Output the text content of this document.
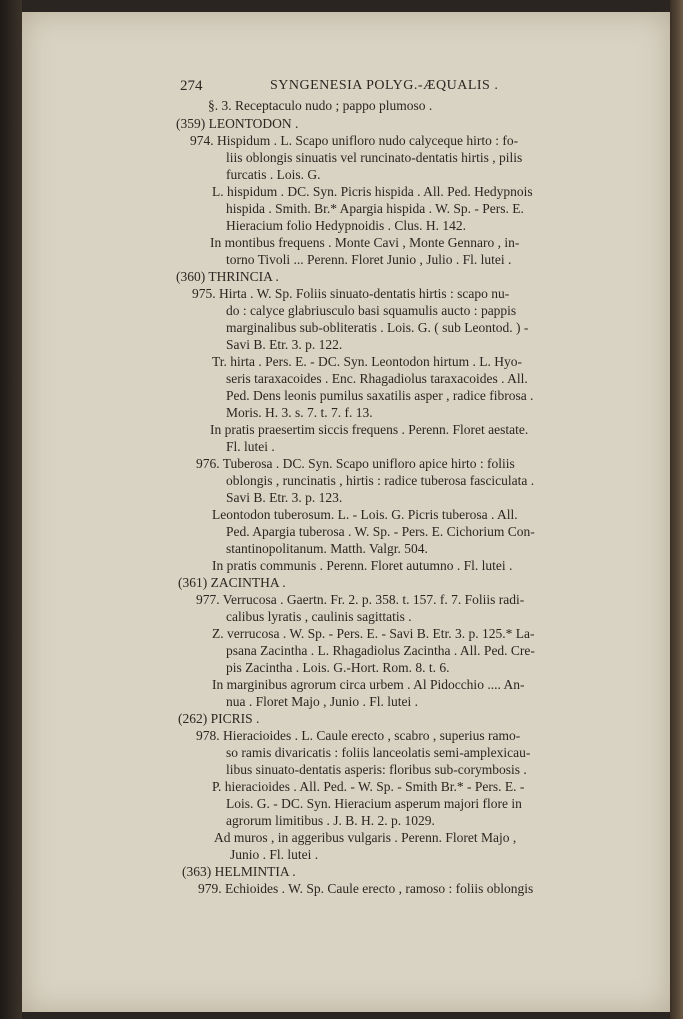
274	SYNGENESIA POLYG.-ÆQUALIS .
§. 3. Receptaculo nudo ; pappo plumoso .
(359) LEONTODON .
974. Hispidum . L. Scapo unifloro nudo calyceque hirto : fo-
liis oblongis sinuatis vel runcinato-dentatis hirtis , pilis
furcatis . Lois. G.
L. hispidum . DC. Syn. Picris hispida . All. Ped. Hedypnois
hispida . Smith. Br.* Apargia hispida . W. Sp. - Pers. E.
Hieracium folio Hedypnoidis . Clus. H. 142.
In montibus frequens . Monte Cavi , Monte Gennaro , in-
torno Tivoli ... Perenn. Floret Junio , Julio . Fl. lutei .
(360) THRINCIA .
975. Hirta . W. Sp. Foliis sinuato-dentatis hirtis : scapo nu-
do : calyce glabriusculo basi squamulis aucto : pappis
marginalibus sub-obliteratis . Lois. G. ( sub Leontod. ) -
Savi B. Etr. 3. p. 122.
Tr. hirta . Pers. E. - DC. Syn. Leontodon hirtum . L. Hyo-
seris taraxacoides . Enc. Rhagadiolus taraxacoides . All.
Ped. Dens leonis pumilus saxatilis asper , radice fibrosa .
Moris. H. 3. s. 7. t. 7. f. 13.
In pratis praesertim siccis frequens . Perenn. Floret aestate.
Fl. lutei .
976. Tuberosa . DC. Syn. Scapo unifloro apice hirto : foliis
oblongis , runcinatis , hirtis : radice tuberosa fasciculata .
Savi B. Etr. 3. p. 123.
Leontodon tuberosum. L. - Lois. G. Picris tuberosa . All.
Ped. Apargia tuberosa . W. Sp. - Pers. E. Cichorium Con-
stantinopolitanum. Matth. Valgr. 504.
In pratis communis . Perenn. Floret autumno . Fl. lutei .
(361) ZACINTHA .
977. Verrucosa . Gaertn. Fr. 2. p. 358. t. 157. f. 7. Foliis radi-
calibus lyratis , caulinis sagittatis .
Z. verrucosa . W. Sp. - Pers. E. - Savi B. Etr. 3. p. 125.* La-
psana Zacintha . L. Rhagadiolus Zacintha . All. Ped. Cre-
pis Zacintha . Lois. G.-Hort. Rom. 8. t. 6.
In marginibus agrorum circa urbem . Al Pidocchio .... An-
nua . Floret Majo , Junio . Fl. lutei .
(262) PICRIS .
978. Hieracioides . L. Caule erecto , scabro , superius ramo-
so ramis divaricatis : foliis lanceolatis semi-amplexicau-
libus sinuato-dentatis asperis: floribus sub-corymbosis .
P. hieracioides . All. Ped. - W. Sp. - Smith Br.* - Pers. E. -
Lois. G. - DC. Syn. Hieracium asperum majori flore in
agrorum limitibus . J. B. H. 2. p. 1029.
Ad muros , in aggeribus vulgaris . Perenn. Floret Majo ,
Junio . Fl. lutei .
(363) HELMINTIA .
979. Echioides . W. Sp. Caule erecto , ramoso : foliis oblongis
